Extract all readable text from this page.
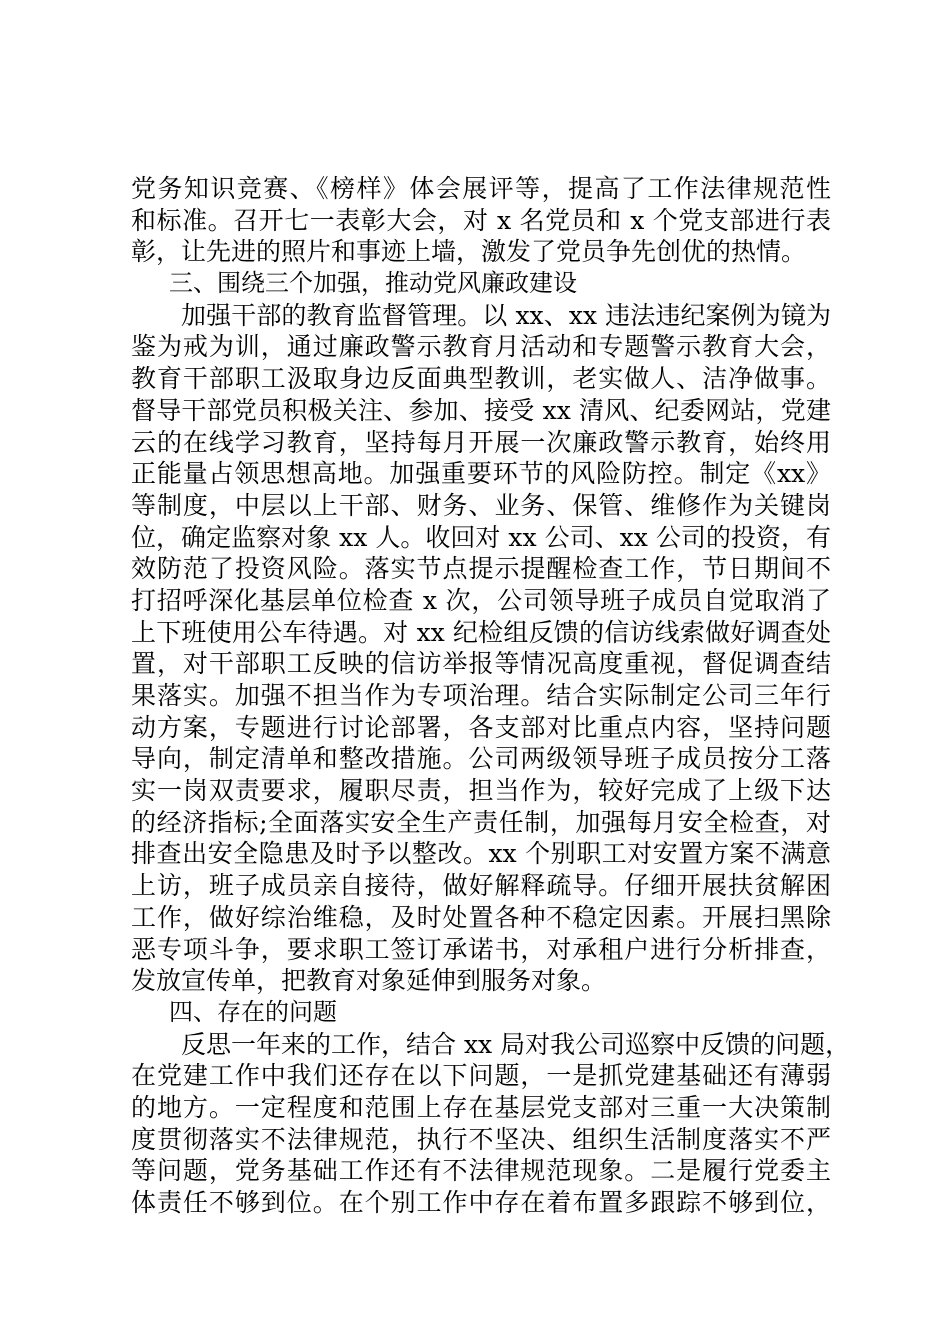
党务知识竞赛、《榜样》体会展评等，提高了工作法律规范性
和标准。召开七一表彰大会，对 x 名党员和 x 个党支部进行表
彰，让先进的照片和事迹上墙，激发了党员争先创优的热情。
三、围绕三个加强，推动党风廉政建设
加强干部的教育监督管理。以 xx、xx 违法违纪案例为镜为
鉴为戒为训，通过廉政警示教育月活动和专题警示教育大会，
教育干部职工汲取身边反面典型教训，老实做人、洁净做事。
督导干部党员积极关注、参加、接受 xx 清风、纪委网站，党建
云的在线学习教育，坚持每月开展一次廉政警示教育，始终用
正能量占领思想高地。加强重要环节的风险防控。制定《xx》
等制度，中层以上干部、财务、业务、保管、维修作为关键岗
位，确定监察对象 xx 人。收回对 xx 公司、xx 公司的投资，有
效防范了投资风险。落实节点提示提醒检查工作，节日期间不
打招呼深化基层单位检查 x 次，公司领导班子成员自觉取消了
上下班使用公车待遇。对 xx 纪检组反馈的信访线索做好调查处
置，对干部职工反映的信访举报等情况高度重视，督促调查结
果落实。加强不担当作为专项治理。结合实际制定公司三年行
动方案，专题进行讨论部署，各支部对比重点内容，坚持问题
导向，制定清单和整改措施。公司两级领导班子成员按分工落
实一岗双责要求，履职尽责，担当作为，较好完成了上级下达
的经济指标;全面落实安全生产责任制，加强每月安全检查，对
排查出安全隐患及时予以整改。xx 个别职工对安置方案不满意
上访，班子成员亲自接待，做好解释疏导。仔细开展扶贫解困
工作，做好综治维稳，及时处置各种不稳定因素。开展扫黑除
恶专项斗争，要求职工签订承诺书，对承租户进行分析排查，
发放宣传单，把教育对象延伸到服务对象。
四、存在的问题
反思一年来的工作，结合 xx 局对我公司巡察中反馈的问题，
在党建工作中我们还存在以下问题，一是抓党建基础还有薄弱
的地方。一定程度和范围上存在基层党支部对三重一大决策制
度贯彻落实不法律规范，执行不坚决、组织生活制度落实不严
等问题，党务基础工作还有不法律规范现象。二是履行党委主
体责任不够到位。在个别工作中存在着布置多跟踪不够到位，
